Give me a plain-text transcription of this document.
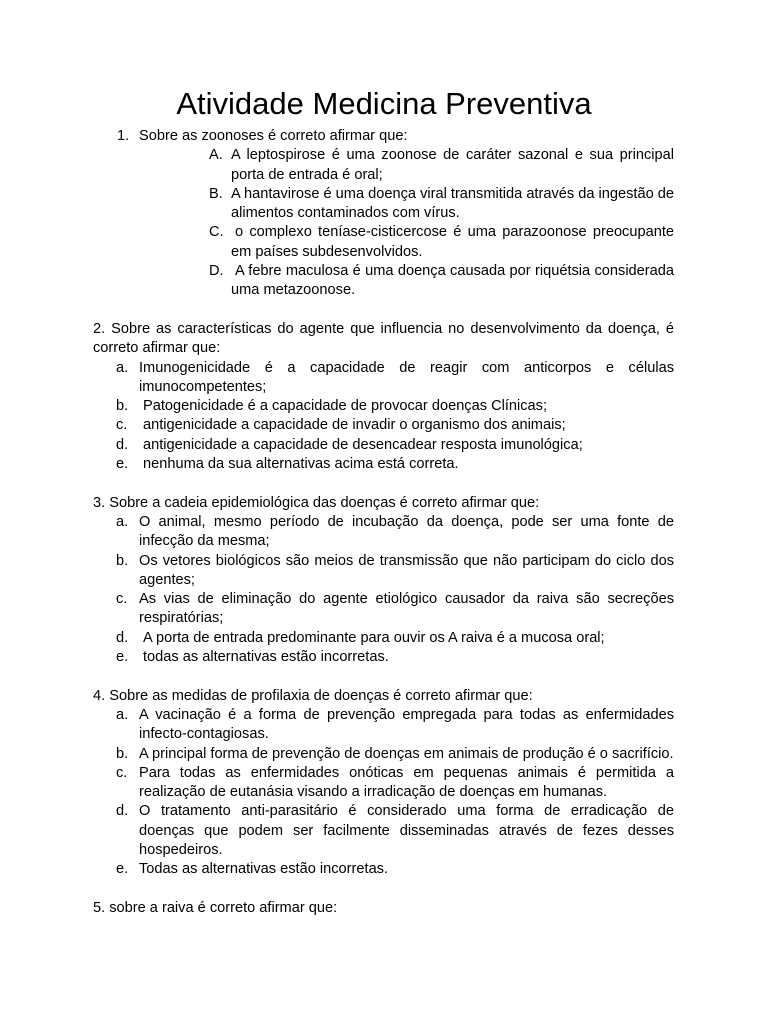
Atividade Medicina Preventiva
1. Sobre as zoonoses é correto afirmar que:
A. A leptospirose é uma zoonose de caráter sazonal e sua principal porta de entrada é oral;
B. A hantavirose é uma doença viral transmitida através da ingestão de alimentos contaminados com vírus.
C. o complexo teníase-cisticercose é uma parazoonose preocupante em países subdesenvolvidos.
D. A febre maculosa é uma doença causada por riquétsia considerada uma metazoonose.
2. Sobre as características do agente que influencia no desenvolvimento da doença, é correto afirmar que:
a. Imunogenicidade é a capacidade de reagir com anticorpos e células imunocompetentes;
b. Patogenicidade é a capacidade de provocar doenças Clínicas;
c. antigenicidade a capacidade de invadir o organismo dos animais;
d. antigenicidade a capacidade de desencadear resposta imunológica;
e. nenhuma da sua alternativas acima está correta.
3. Sobre a cadeia epidemiológica das doenças é correto afirmar que:
a. O animal, mesmo período de incubação da doença, pode ser uma fonte de infecção da mesma;
b. Os vetores biológicos são meios de transmissão que não participam do ciclo dos agentes;
c. As vias de eliminação do agente etiológico causador da raiva são secreções respiratórias;
d. A porta de entrada predominante para ouvir os A raiva é a mucosa oral;
e. todas as alternativas estão incorretas.
4. Sobre as medidas de profilaxia de doenças é correto afirmar que:
a. A vacinação é a forma de prevenção empregada para todas as enfermidades infecto-contagiosas.
b. A principal forma de prevenção de doenças em animais de produção é o sacrifício.
c. Para todas as enfermidades onóticas em pequenas animais é permitida a realização de eutanásia visando a irradicação de doenças em humanas.
d. O tratamento anti-parasitário é considerado uma forma de erradicação de doenças que podem ser facilmente disseminadas através de fezes desses hospedeiros.
e. Todas as alternativas estão incorretas.
5. sobre a raiva é correto afirmar que:
